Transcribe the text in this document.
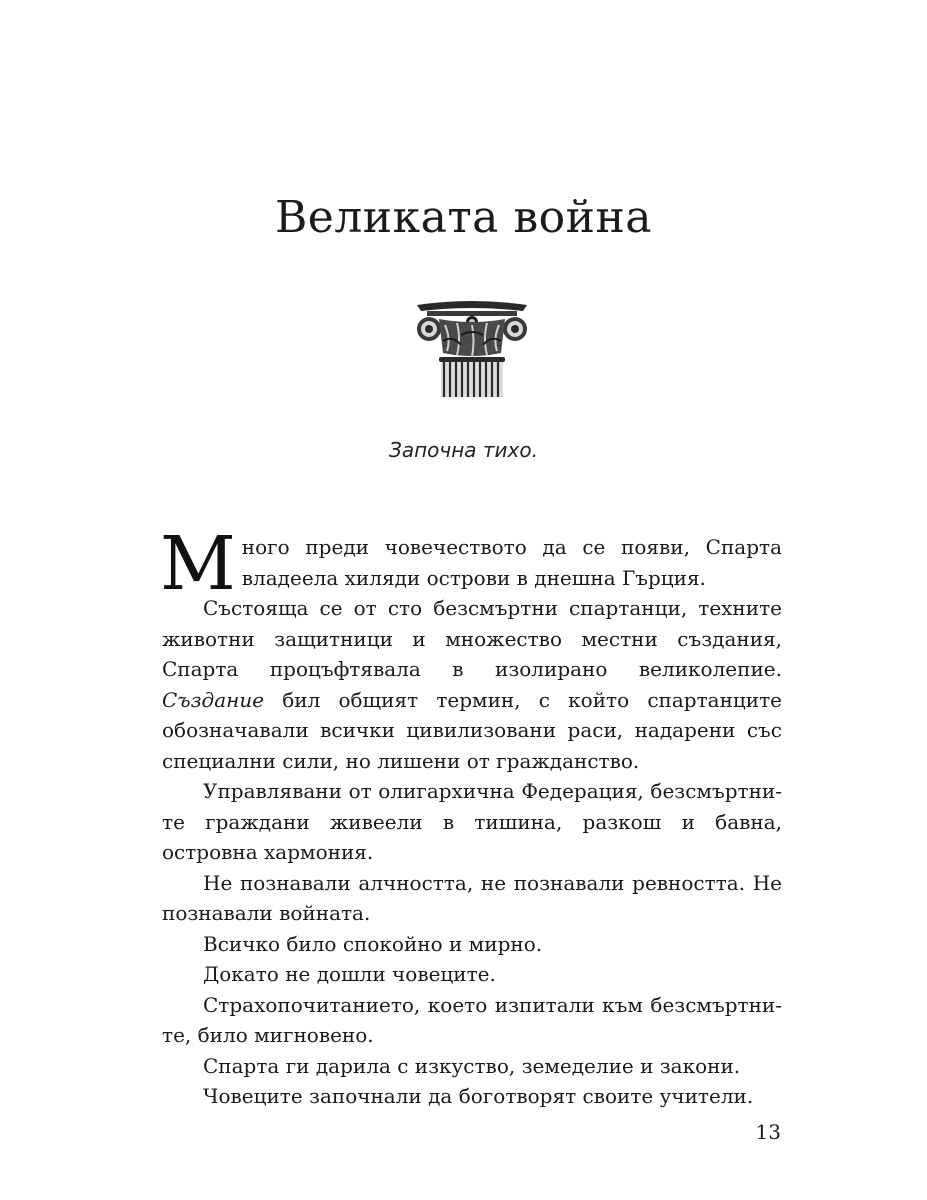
Великата война
Започна тихо.

Много преди човечеството да се появи, Спарта владеела хиляди острови в днешна Гърция.

Състояща се от сто безсмъртни спартанци, техните животни защитници и множество местни създания, Спарта процъфтявала в изолирано великолепие. Създание бил общият термин, с който спартанците обозначавали всички цивилизовани раси, надарени със специални сили, но лишени от гражданство.

Управлявани от олигархична Федерация, безсмъртните граждани живеели в тишина, разкош и бавна, островна хармония.

Не познавали алчността, не познавали ревността. Не познавали войната.

Всичко било спокойно и мирно.

Докато не дошли човеците.

Страхопочитанието, което изпитали към безсмъртните, било мигновено.

Спарта ги дарила с изкуство, земеделие и закони.

Човеците започнали да боготворят своите учители.

13
